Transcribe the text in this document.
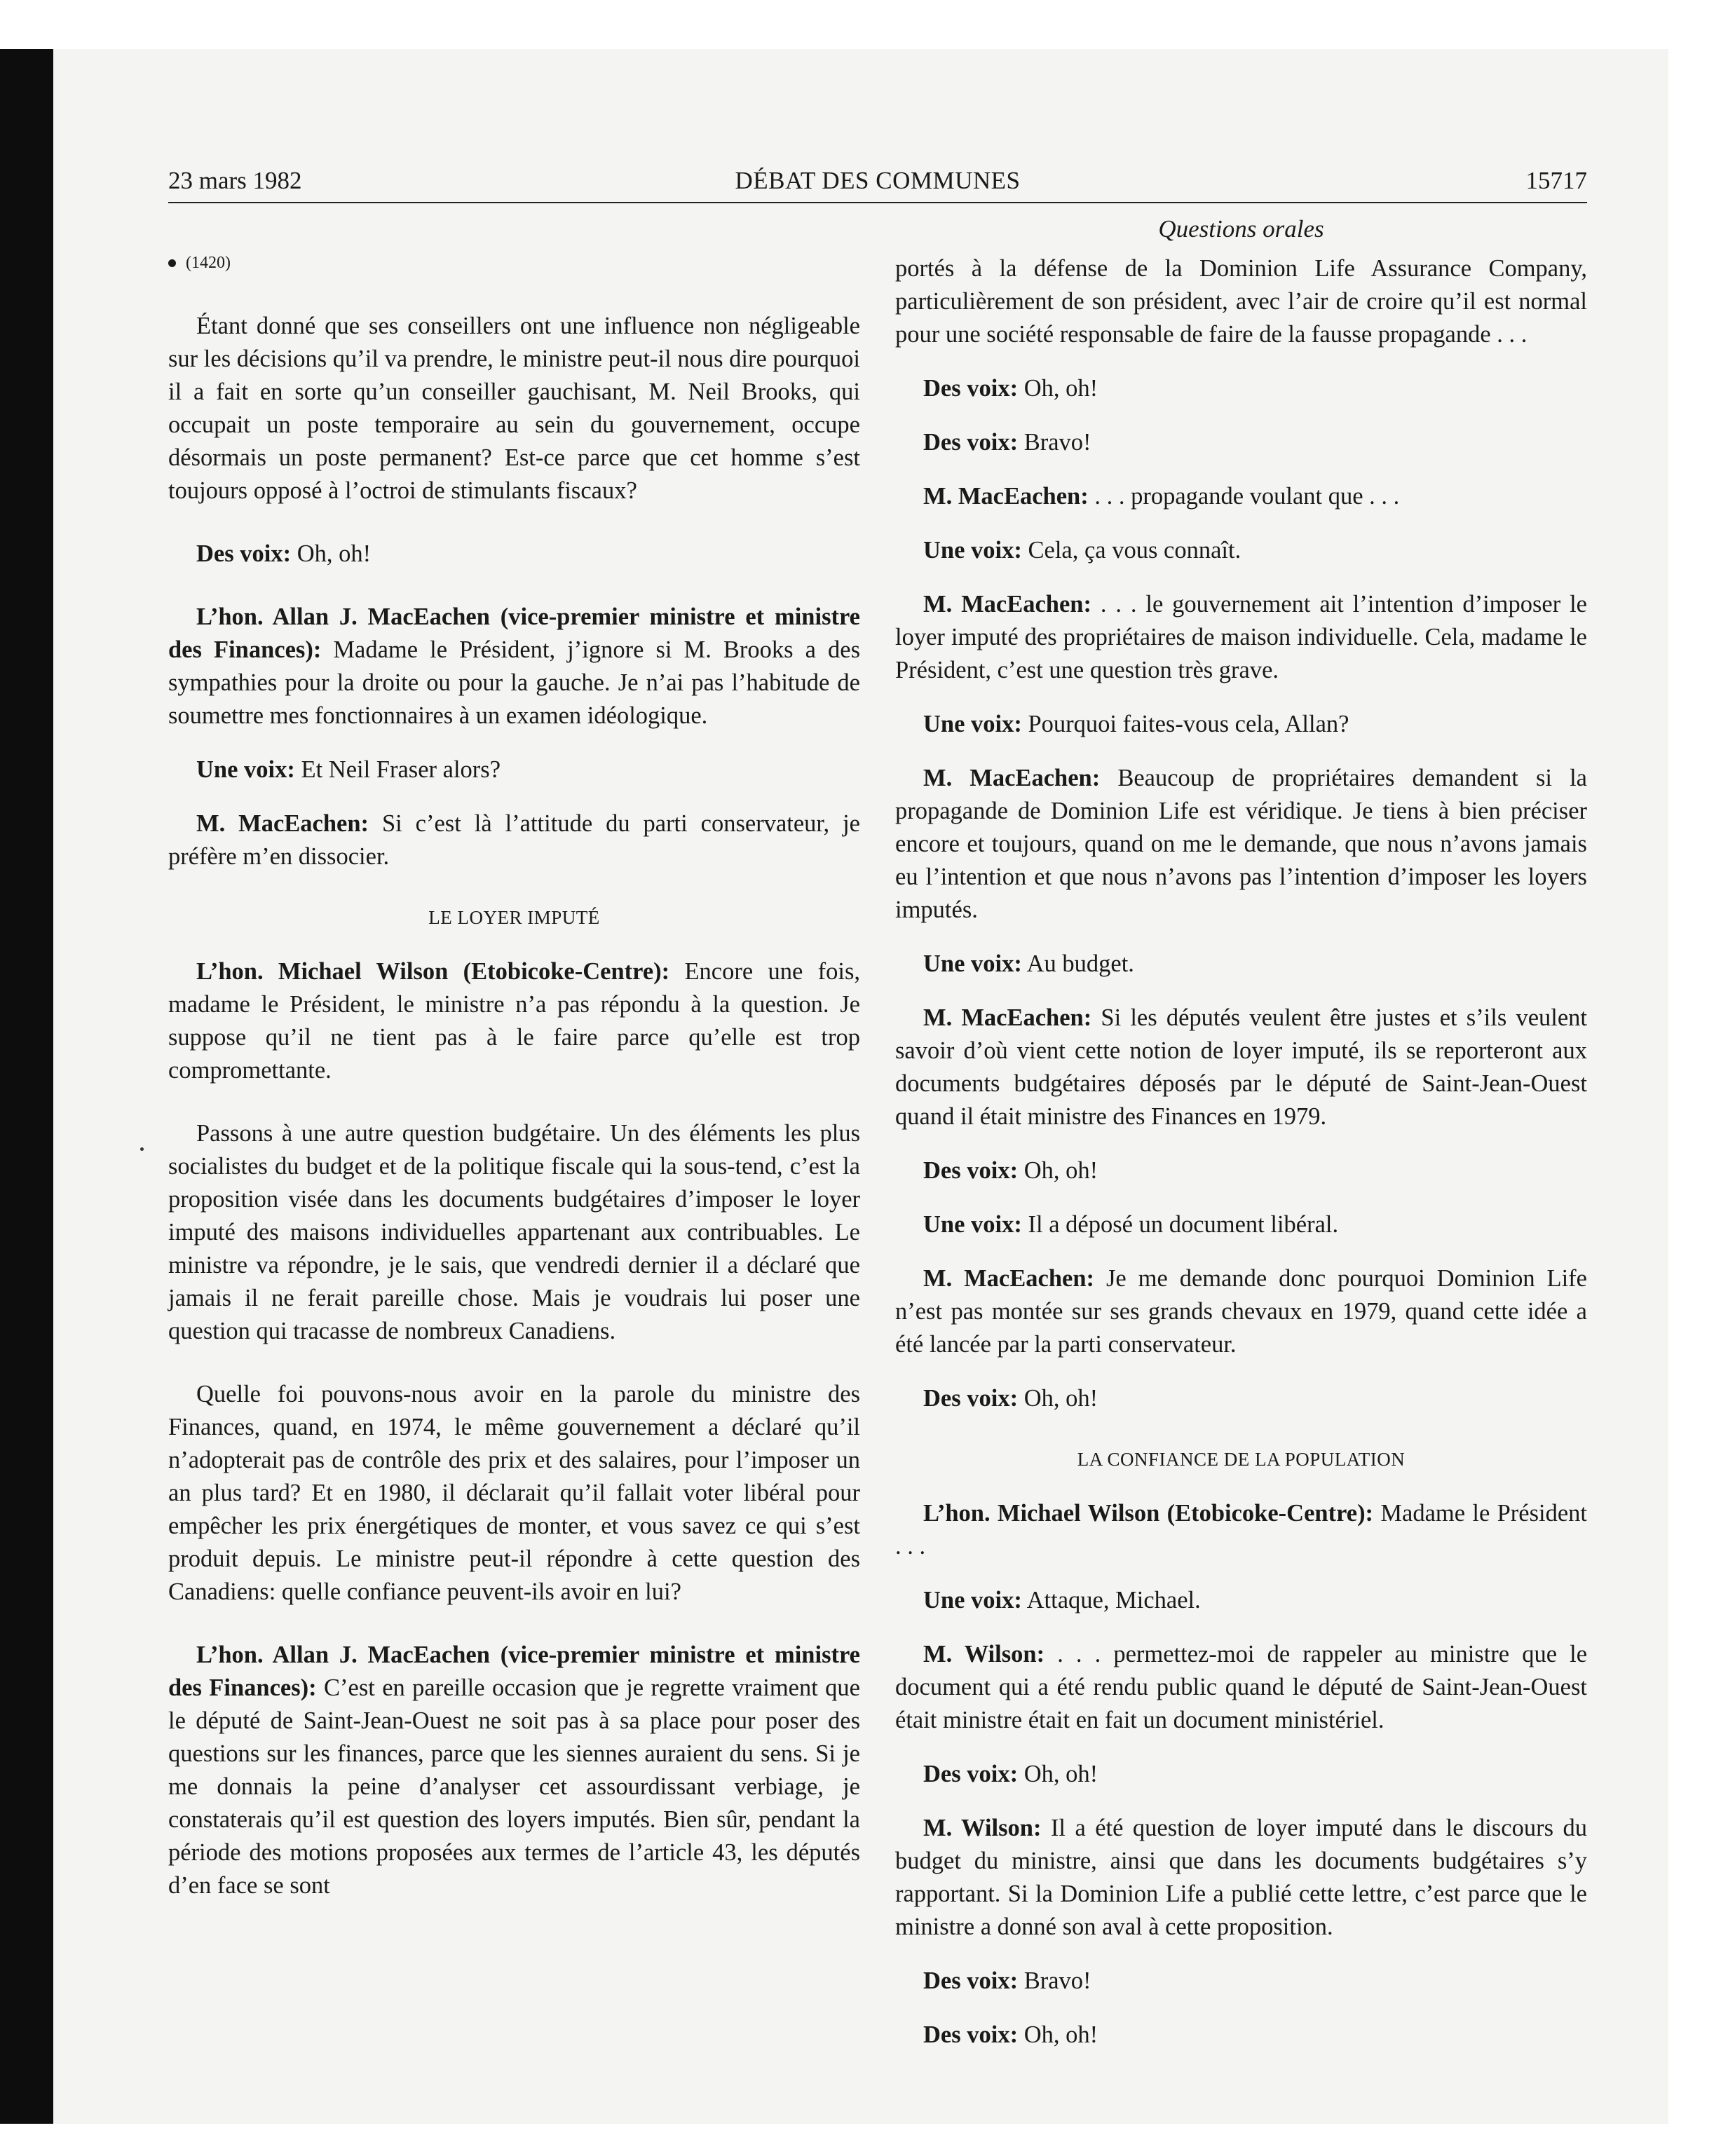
23 mars 1982	DÉBAT DES COMMUNES	15717
Questions orales
(1420)

Étant donné que ses conseillers ont une influence non négligeable sur les décisions qu’il va prendre, le ministre peut-il nous dire pourquoi il a fait en sorte qu’un conseiller gauchisant, M. Neil Brooks, qui occupait un poste temporaire au sein du gouvernement, occupe désormais un poste permanent? Est-ce parce que cet homme s’est toujours opposé à l’octroi de stimulants fiscaux?

Des voix: Oh, oh!

L’hon. Allan J. MacEachen (vice-premier ministre et ministre des Finances): Madame le Président, j’ignore si M. Brooks a des sympathies pour la droite ou pour la gauche. Je n’ai pas l’habitude de soumettre mes fonctionnaires à un examen idéologique.

Une voix: Et Neil Fraser alors?

M. MacEachen: Si c’est là l’attitude du parti conservateur, je préfère m’en dissocier.

LE LOYER IMPUTÉ

L’hon. Michael Wilson (Etobicoke-Centre): Encore une fois, madame le Président, le ministre n’a pas répondu à la question. Je suppose qu’il ne tient pas à le faire parce qu’elle est trop compromettante.

Passons à une autre question budgétaire. Un des éléments les plus socialistes du budget et de la politique fiscale qui la sous-tend, c’est la proposition visée dans les documents budgétaires d’imposer le loyer imputé des maisons individuelles appartenant aux contribuables. Le ministre va répondre, je le sais, que vendredi dernier il a déclaré que jamais il ne ferait pareille chose. Mais je voudrais lui poser une question qui tracasse de nombreux Canadiens.

Quelle foi pouvons-nous avoir en la parole du ministre des Finances, quand, en 1974, le même gouvernement a déclaré qu’il n’adopterait pas de contrôle des prix et des salaires, pour l’imposer un an plus tard? Et en 1980, il déclarait qu’il fallait voter libéral pour empêcher les prix énergétiques de monter, et vous savez ce qui s’est produit depuis. Le ministre peut-il répondre à cette question des Canadiens: quelle confiance peuvent-ils avoir en lui?

L’hon. Allan J. MacEachen (vice-premier ministre et ministre des Finances): C’est en pareille occasion que je regrette vraiment que le député de Saint-Jean-Ouest ne soit pas à sa place pour poser des questions sur les finances, parce que les siennes auraient du sens. Si je me donnais la peine d’analyser cet assourdissant verbiage, je constaterais qu’il est question des loyers imputés. Bien sûr, pendant la période des motions proposées aux termes de l’article 43, les députés d’en face se sont

portés à la défense de la Dominion Life Assurance Company, particulièrement de son président, avec l’air de croire qu’il est normal pour une société responsable de faire de la fausse propagande . . .

Des voix: Oh, oh!

Des voix: Bravo!

M. MacEachen: . . . propagande voulant que . . .

Une voix: Cela, ça vous connaît.

M. MacEachen: . . . le gouvernement ait l’intention d’imposer le loyer imputé des propriétaires de maison individuelle. Cela, madame le Président, c’est une question très grave.

Une voix: Pourquoi faites-vous cela, Allan?

M. MacEachen: Beaucoup de propriétaires demandent si la propagande de Dominion Life est véridique. Je tiens à bien préciser encore et toujours, quand on me le demande, que nous n’avons jamais eu l’intention et que nous n’avons pas l’intention d’imposer les loyers imputés.

Une voix: Au budget.

M. MacEachen: Si les députés veulent être justes et s’ils veulent savoir d’où vient cette notion de loyer imputé, ils se reporteront aux documents budgétaires déposés par le député de Saint-Jean-Ouest quand il était ministre des Finances en 1979.

Des voix: Oh, oh!

Une voix: Il a déposé un document libéral.

M. MacEachen: Je me demande donc pourquoi Dominion Life n’est pas montée sur ses grands chevaux en 1979, quand cette idée a été lancée par la parti conservateur.

Des voix: Oh, oh!

LA CONFIANCE DE LA POPULATION

L’hon. Michael Wilson (Etobicoke-Centre): Madame le Président . . .

Une voix: Attaque, Michael.

M. Wilson: . . . permettez-moi de rappeler au ministre que le document qui a été rendu public quand le député de Saint-Jean-Ouest était ministre était en fait un document ministériel.

Des voix: Oh, oh!

M. Wilson: Il a été question de loyer imputé dans le discours du budget du ministre, ainsi que dans les documents budgétaires s’y rapportant. Si la Dominion Life a publié cette lettre, c’est parce que le ministre a donné son aval à cette proposition.

Des voix: Bravo!

Des voix: Oh, oh!
